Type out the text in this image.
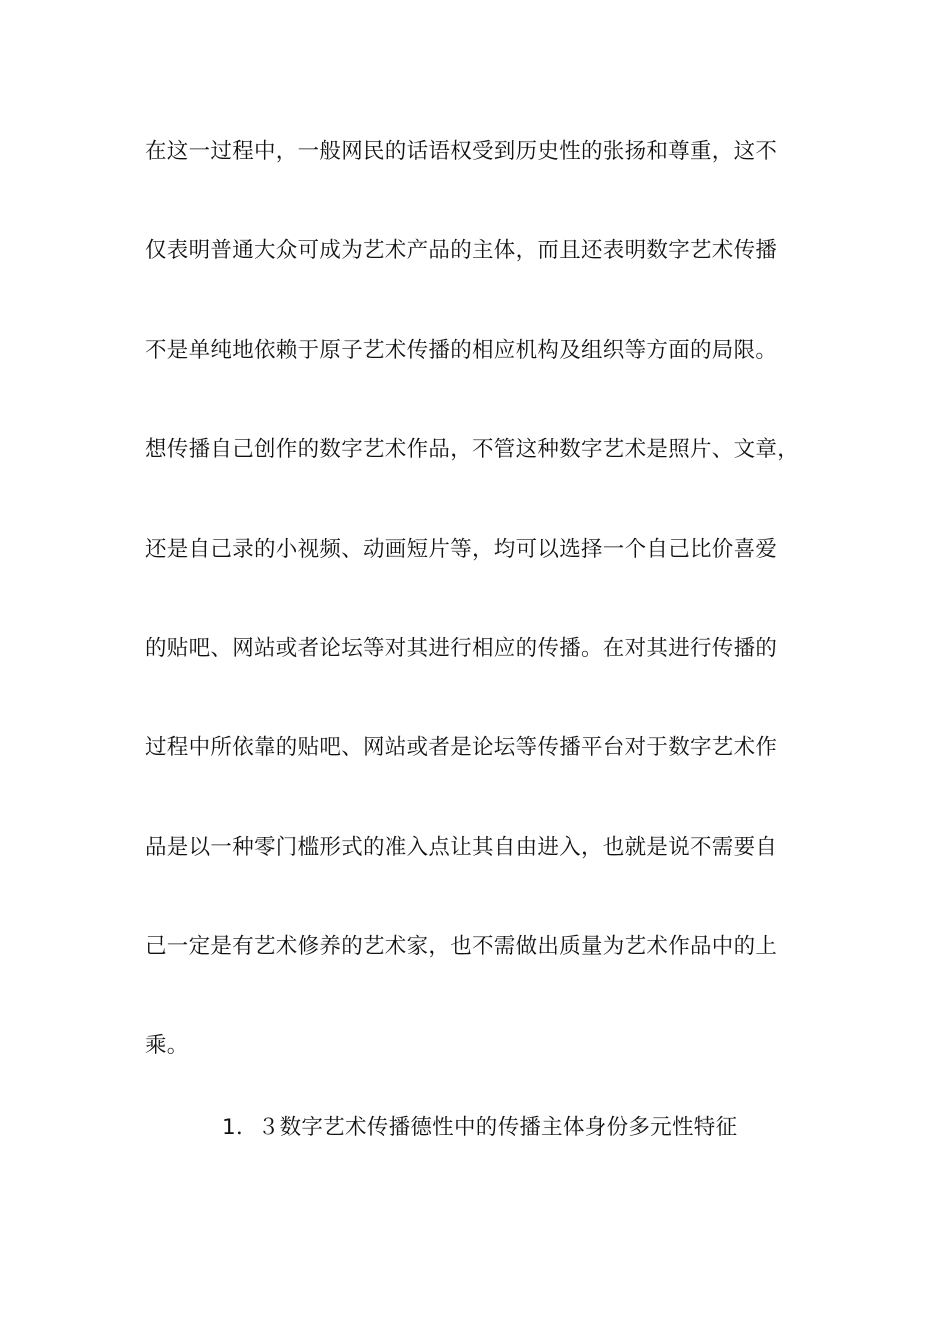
在这一过程中，一般网民的话语权受到历史性的张扬和尊重，这不
仅表明普通大众可成为艺术产品的主体，而且还表明数字艺术传播
不是单纯地依赖于原子艺术传播的相应机构及组织等方面的局限。
想传播自己创作的数字艺术作品，不管这种数字艺术是照片、文章，
还是自己录的小视频、动画短片等，均可以选择一个自己比价喜爱
的贴吧、网站或者论坛等对其进行相应的传播。在对其进行传播的
过程中所依靠的贴吧、网站或者是论坛等传播平台对于数字艺术作
品是以一种零门槛形式的准入点让其自由进入，也就是说不需要自
己一定是有艺术修养的艺术家，也不需做出质量为艺术作品中的上
乘。
1．３数字艺术传播德性中的传播主体身份多元性特征
